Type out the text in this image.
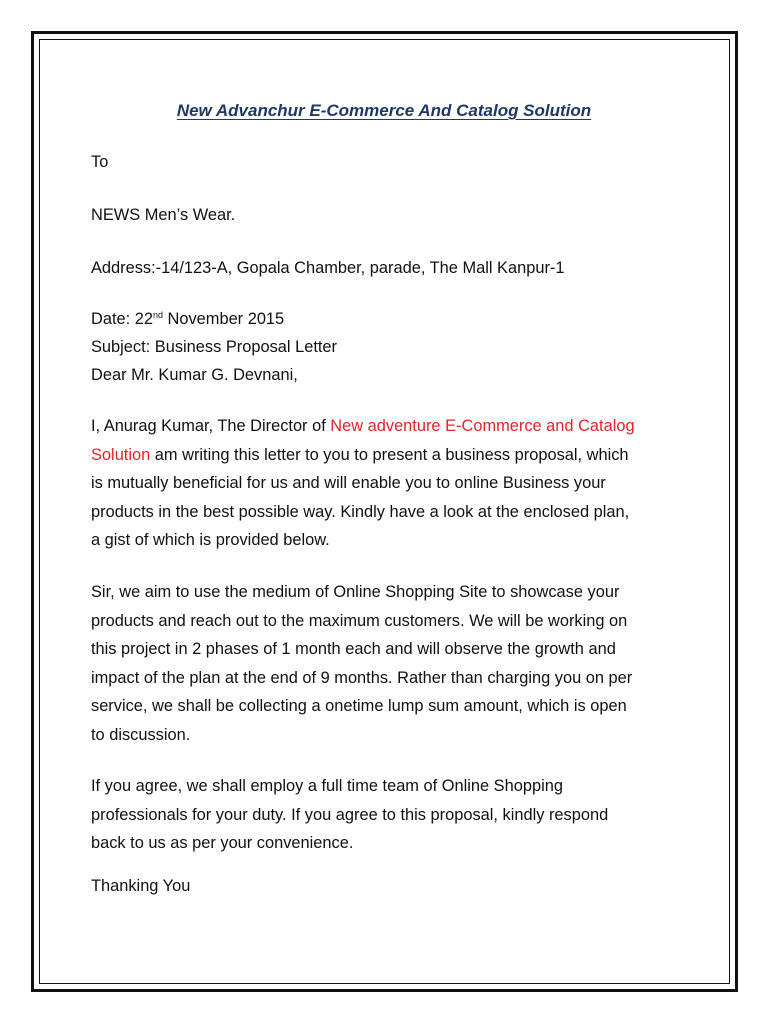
New Advanchur E-Commerce And Catalog Solution
To
NEWS Men’s Wear.
Address:-14/123-A, Gopala Chamber, parade, The Mall Kanpur-1
Date: 22nd November 2015
Subject: Business Proposal Letter
Dear Mr. Kumar G. Devnani,
I, Anurag Kumar, The Director of New adventure E-Commerce and Catalog
Solution am writing this letter to you to present a business proposal, which
is mutually beneficial for us and will enable you to online Business your
products in the best possible way. Kindly have a look at the enclosed plan,
a gist of which is provided below.
Sir, we aim to use the medium of Online Shopping Site to showcase your
products and reach out to the maximum customers. We will be working on
this project in 2 phases of 1 month each and will observe the growth and
impact of the plan at the end of 9 months. Rather than charging you on per
service, we shall be collecting a onetime lump sum amount, which is open
to discussion.
If you agree, we shall employ a full time team of Online Shopping
professionals for your duty. If you agree to this proposal, kindly respond
back to us as per your convenience.
Thanking You
